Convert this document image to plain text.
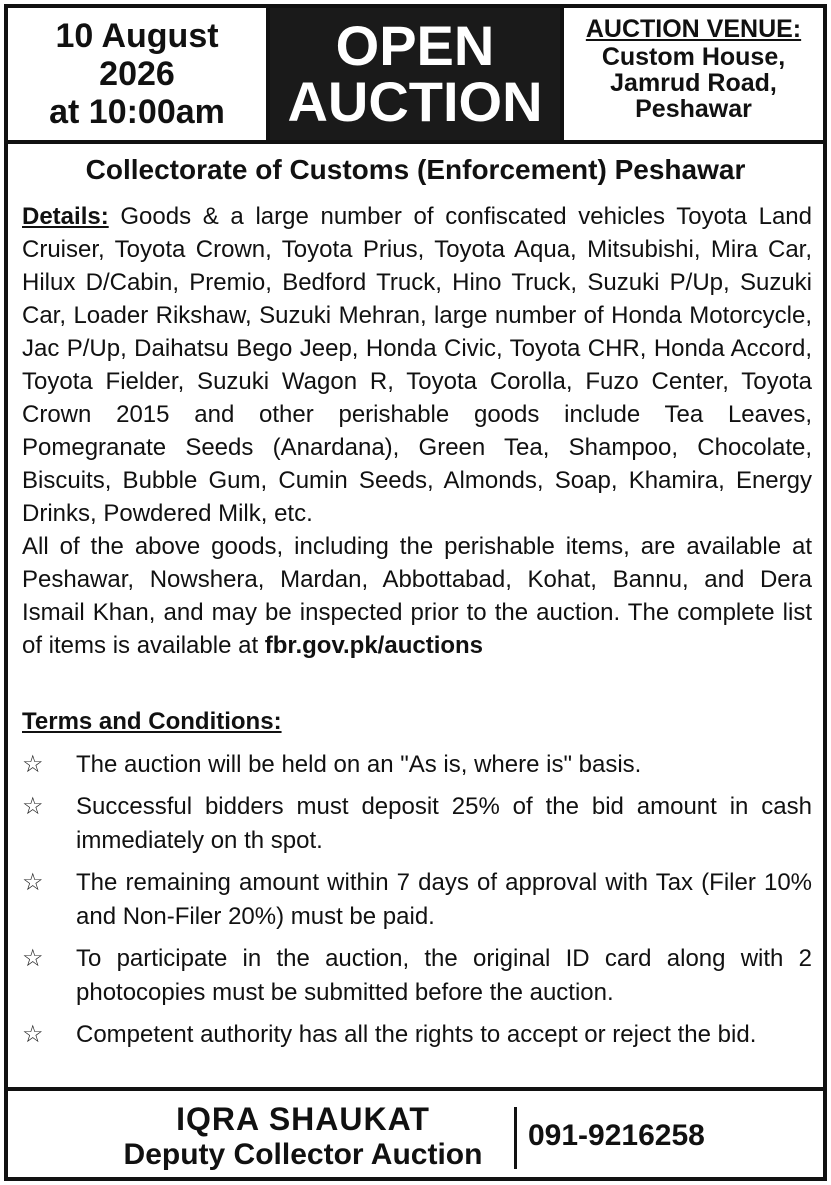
10 August
2026
at 10:00am
OPEN
AUCTION
AUCTION VENUE:
Custom House,
Jamrud Road,
Peshawar
Collectorate of Customs (Enforcement) Peshawar

Details: Goods & a large number of confiscated vehicles Toyota Land Cruiser, Toyota Crown, Toyota Prius, Toyota Aqua, Mitsubishi, Mira Car, Hilux D/Cabin, Premio, Bedford Truck, Hino Truck, Suzuki P/Up, Suzuki Car, Loader Rikshaw, Suzuki Mehran, large number of Honda Motorcycle, Jac P/Up, Daihatsu Bego Jeep, Honda Civic, Toyota CHR, Honda Accord, Toyota Fielder, Suzuki Wagon R, Toyota Corolla, Fuzo Center, Toyota Crown 2015 and other perishable goods include Tea Leaves, Pomegranate Seeds (Anardana), Green Tea, Shampoo, Chocolate, Biscuits, Bubble Gum, Cumin Seeds, Almonds, Soap, Khamira, Energy Drinks, Powdered Milk, etc.

All of the above goods, including the perishable items, are available at Peshawar, Nowshera, Mardan, Abbottabad, Kohat, Bannu, and Dera Ismail Khan, and may be inspected prior to the auction. The complete list of items is available at fbr.gov.pk/auctions

Terms and Conditions:
☆	The auction will be held on an "As is, where is" basis.
☆	Successful bidders must deposit 25% of the bid amount in cash immediately on th spot.
☆	The remaining amount within 7 days of approval with Tax (Filer 10% and Non-Filer 20%) must be paid.
☆	To participate in the auction, the original ID card along with 2 photocopies must be submitted before the auction.
☆	Competent authority has all the rights to accept or reject the bid.
IQRA SHAUKAT
Deputy Collector Auction
091-9216258
